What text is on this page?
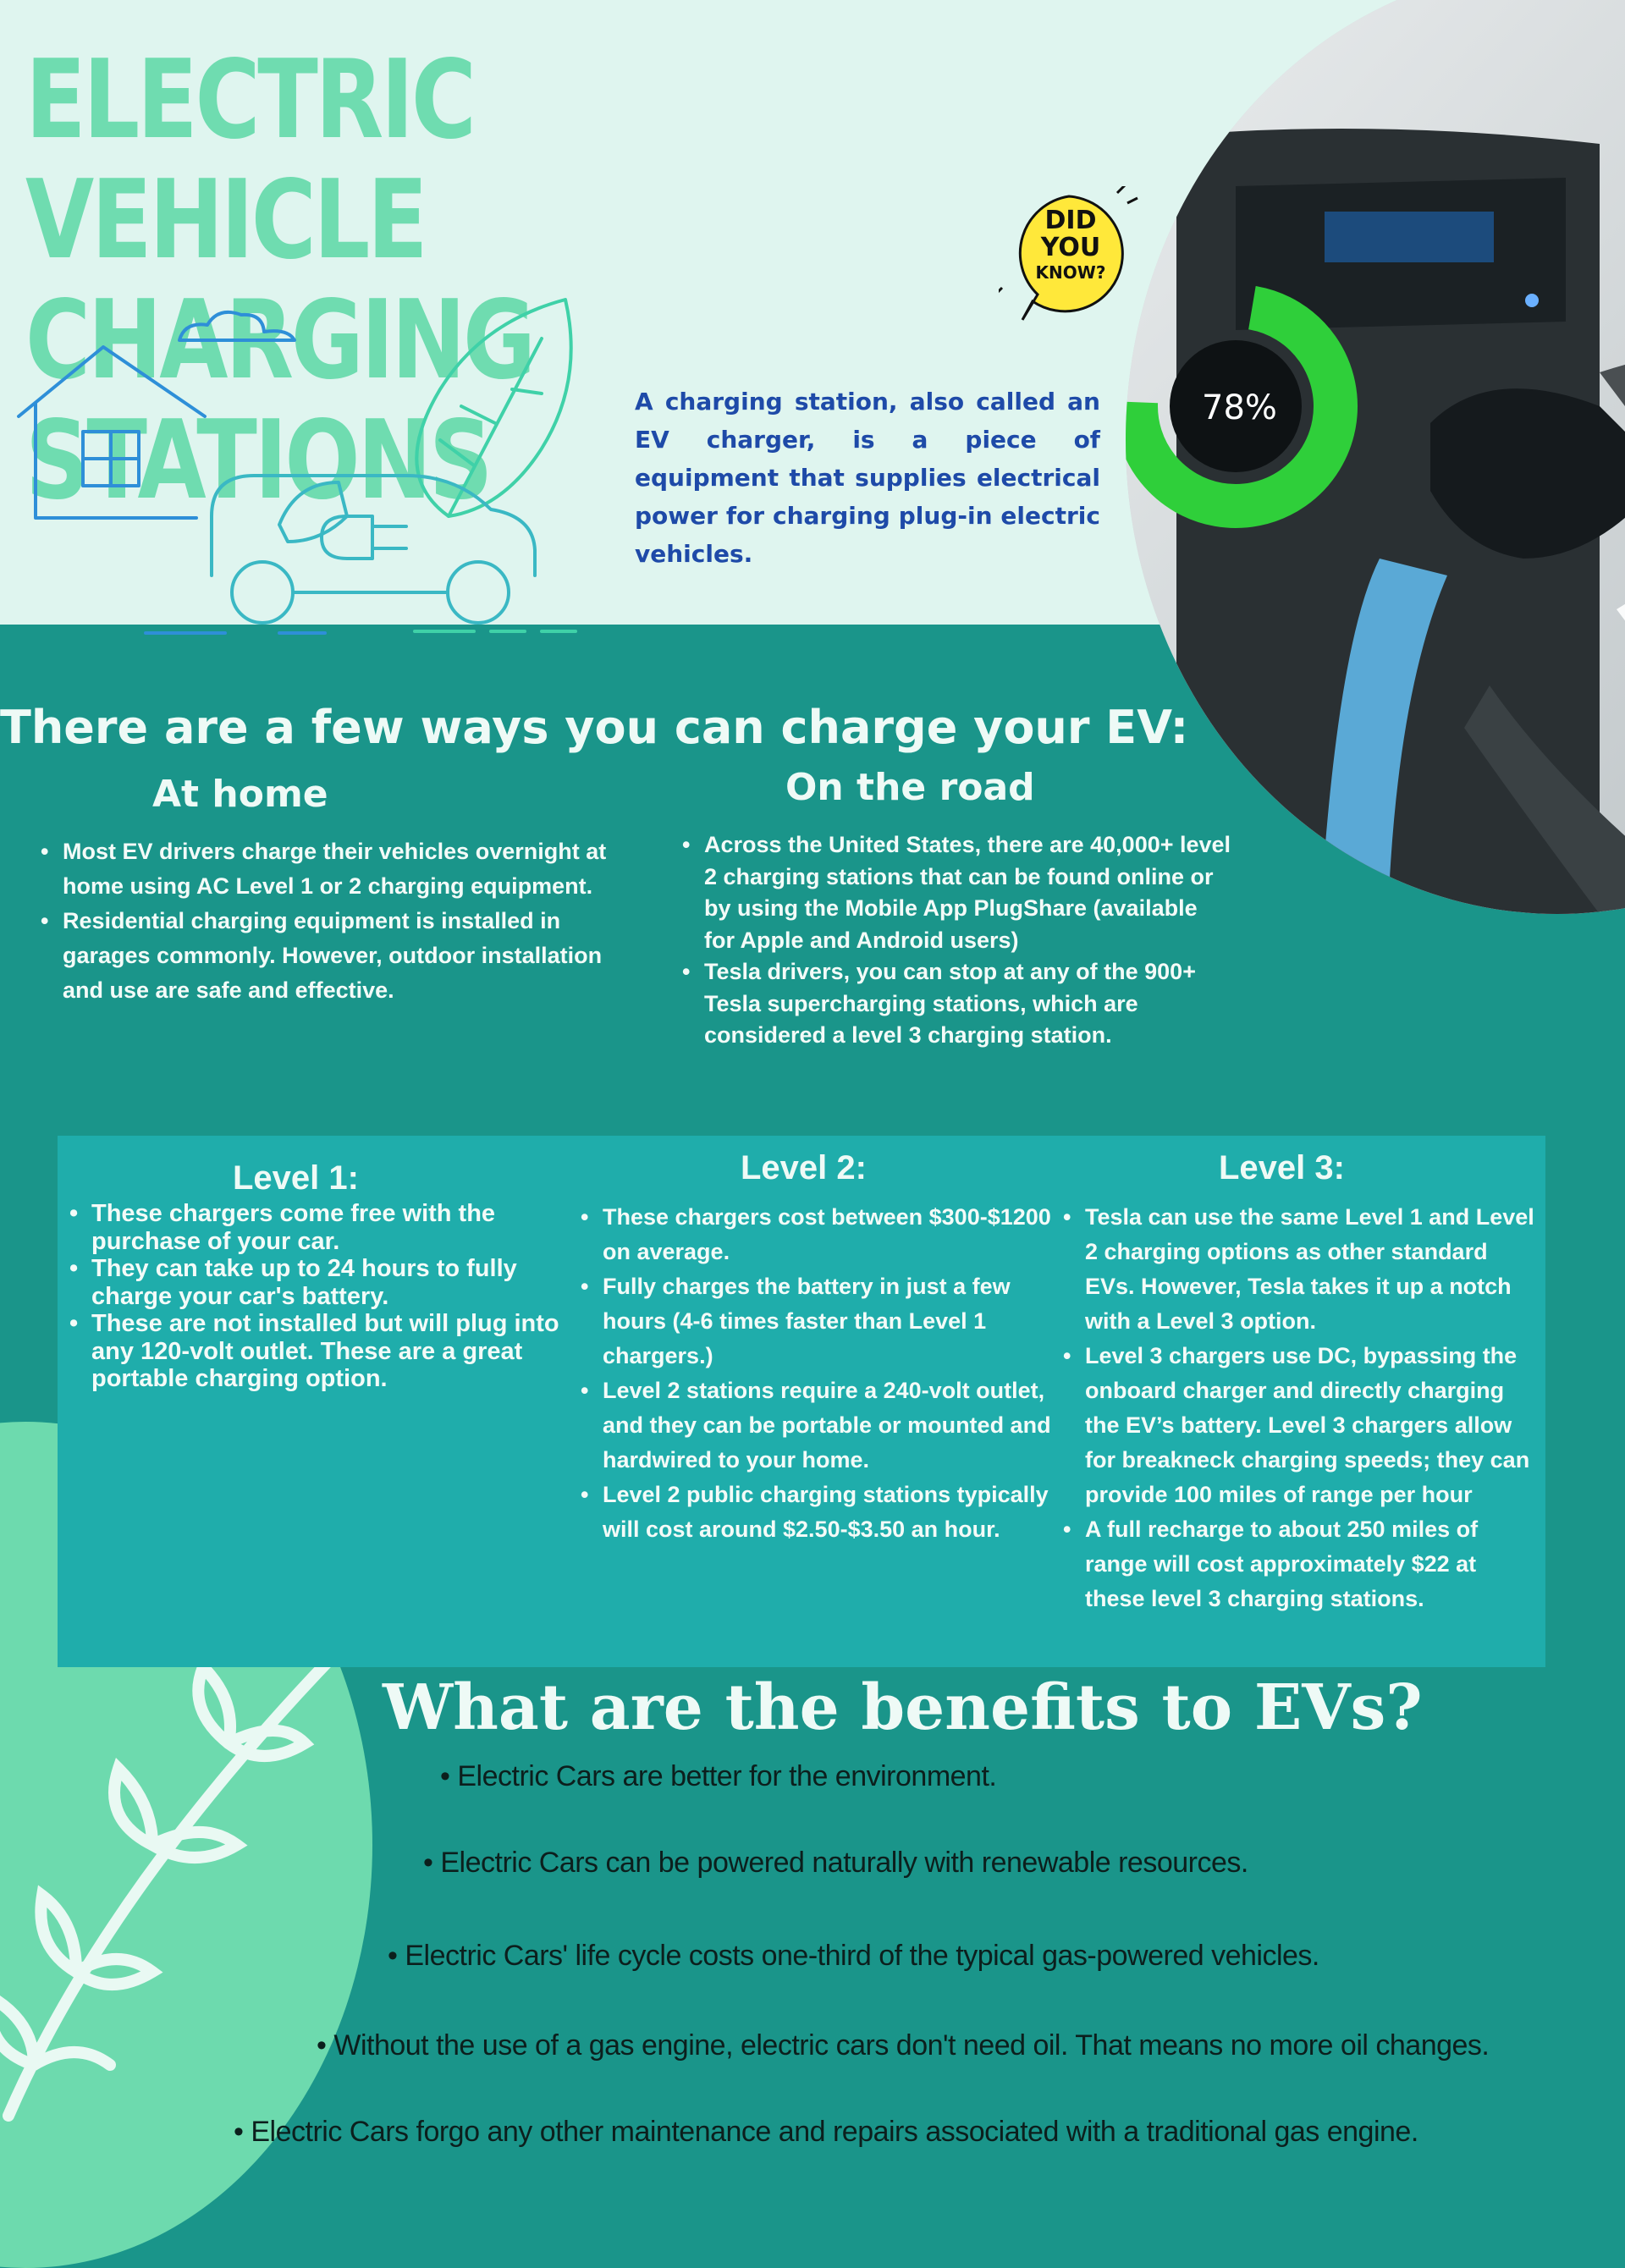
78%
ELECTRIC VEHICLE CHARGING STATIONS
DID
YOU
KNOW?

A charging station, also called an EV charger, is a piece of equipment that supplies electrical power for charging plug-in electric vehicles.

There are a few ways you can charge your EV:
At home	On the road
• Most EV drivers charge their vehicles overnight at home using AC Level 1 or 2 charging equipment.
• Residential charging equipment is installed in garages commonly. However, outdoor installation and use are safe and effective.
• Across the United States, there are 40,000+ level 2 charging stations that can be found online or by using the Mobile App PlugShare (available for Apple and Android users)
• Tesla drivers, you can stop at any of the 900+ Tesla supercharging stations, which are considered a level 3 charging station.
Level 1:	Level 2:	Level 3:
• These chargers come free with the purchase of your car.
• They can take up to 24 hours to fully charge your car's battery.
• These are not installed but will plug into any 120-volt outlet. These are a great portable charging option.
• These chargers cost between $300-$1200 on average.
• Fully charges the battery in just a few hours (4-6 times faster than Level 1 chargers.)
• Level 2 stations require a 240-volt outlet, and they can be portable or mounted and hardwired to your home.
• Level 2 public charging stations typically will cost around $2.50-$3.50 an hour.
• Tesla can use the same Level 1 and Level 2 charging options as other standard EVs. However, Tesla takes it up a notch with a Level 3 option.
• Level 3 chargers use DC, bypassing the onboard charger and directly charging the EV’s battery. Level 3 chargers allow for breakneck charging speeds; they can provide 100 miles of range per hour
• A full recharge to about 250 miles of range will cost approximately $22 at these level 3 charging stations.
What are the benefits to EVs?

• Electric Cars are better for the environment.

• Electric Cars can be powered naturally with renewable resources.

• Electric Cars' life cycle costs one-third of the typical gas-powered vehicles.

• Without the use of a gas engine, electric cars don't need oil. That means no more oil changes.

• Electric Cars forgo any other maintenance and repairs associated with a traditional gas engine.
